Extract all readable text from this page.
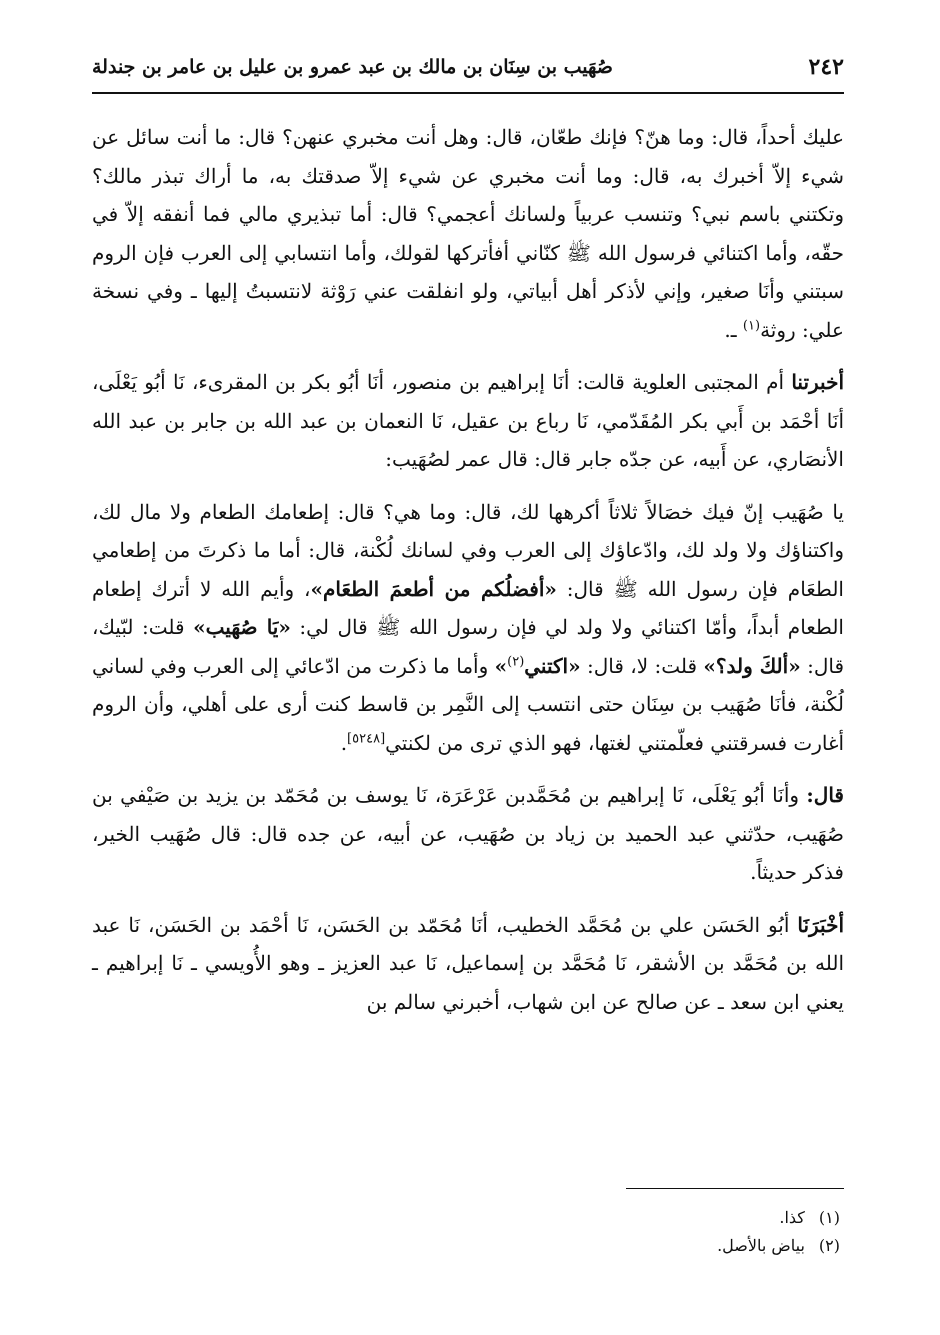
٢٤٢
صُهَيب بن سِنَان بن مالك بن عبد عمرو بن عليل بن عامر بن جندلة

عليك أحداً، قال: وما هنّ؟ فإنك طعّان، قال: وهل أنت مخبري عنهن؟ قال: ما أنت سائل عن شيء إلاّ أخبرك به، قال: وما أنت مخبري عن شيء إلاّ صدقتك به، ما أراك تبذر مالك؟ وتكتني باسم نبي؟ وتنسب عربياً ولسانك أعجمي؟ قال: أما تبذيري مالي فما أنفقه إلاّ في حقّه، وأما اكتنائي فرسول الله ﷺ كنّاني أفأتركها لقولك، وأما انتسابي إلى العرب فإن الروم سبتني وأنَا صغير، وإني لأذكر أهل أبياتي، ولو انفلقت عني رَوْثة لانتسبتُ إليها ـ وفي نسخة علي: روثة$^{(١)}$ ـ.

أخبرتنا أم المجتبى العلوية قالت: أنَا إبراهيم بن منصور، أنَا أبُو بكر بن المقرىء، نَا أبُو يَعْلَى، أنَا أحْمَد بن أَبي بكر المُقَدّمي، نَا رباع بن عقيل، نَا النعمان بن عبد الله بن جابر بن عبد الله الأنصَاري، عن أَبيه، عن جدّه جابر قال: قال عمر لصُهَيب:

يا صُهَيب إنّ فيك خصَالاً ثلاثاً أكرهها لك، قال: وما هي؟ قال: إطعامك الطعام ولا مال لك، واكتناؤك ولا ولد لك، وادّعاؤك إلى العرب وفي لسانك لُكْنة، قال: أما ما ذكرتَ من إطعامي الطعَام فإن رسول الله ﷺ قال: «أفضلُكم من أطعمَ الطعَام»، وأيم الله لا أترك إطعام الطعام أبداً، وأمّا اكتنائي ولا ولد لي فإن رسول الله ﷺ قال لي: «يَا صُهَيب» قلت: لبّيك، قال: «ألكَ ولد؟» قلت: لا، قال: «اكتني$^{(٢)}$» وأما ما ذكرت من ادّعائي إلى العرب وفي لساني لُكْنة، فأنَا صُهَيب بن سِنَان حتى انتسب إلى النَّمِر بن قاسط كنت أرى على أهلي، وأن الروم أغارت فسرقتني فعلّمتني لغتها، فهو الذي ترى من لكنتي[٥٢٤٨].

قال: وأنَا أبُو يَعْلَى، نَا إبراهيم بن مُحَمَّدبن عَرْعَرَة، نَا يوسف بن مُحَمّد بن يزيد بن صَيْفي بن صُهَيب، حدّثني عبد الحميد بن زياد بن صُهَيب، عن أبيه، عن جده قال: قال صُهَيب الخير، فذكر حديثاً.

أخْبَرَنَا أبُو الحَسَن علي بن مُحَمَّد الخطيب، أنَا مُحَمّد بن الحَسَن، نَا أحْمَد بن الحَسَن، نَا عبد الله بن مُحَمَّد بن الأشقر، نَا مُحَمَّد بن إسماعيل، نَا عبد العزيز ـ وهو الأُويسي ـ نَا إبراهيم ـ يعني ابن سعد ـ عن صالح عن ابن شهاب، أخبرني سالم بن

(١)كذا.

(٢)بياض بالأصل.
